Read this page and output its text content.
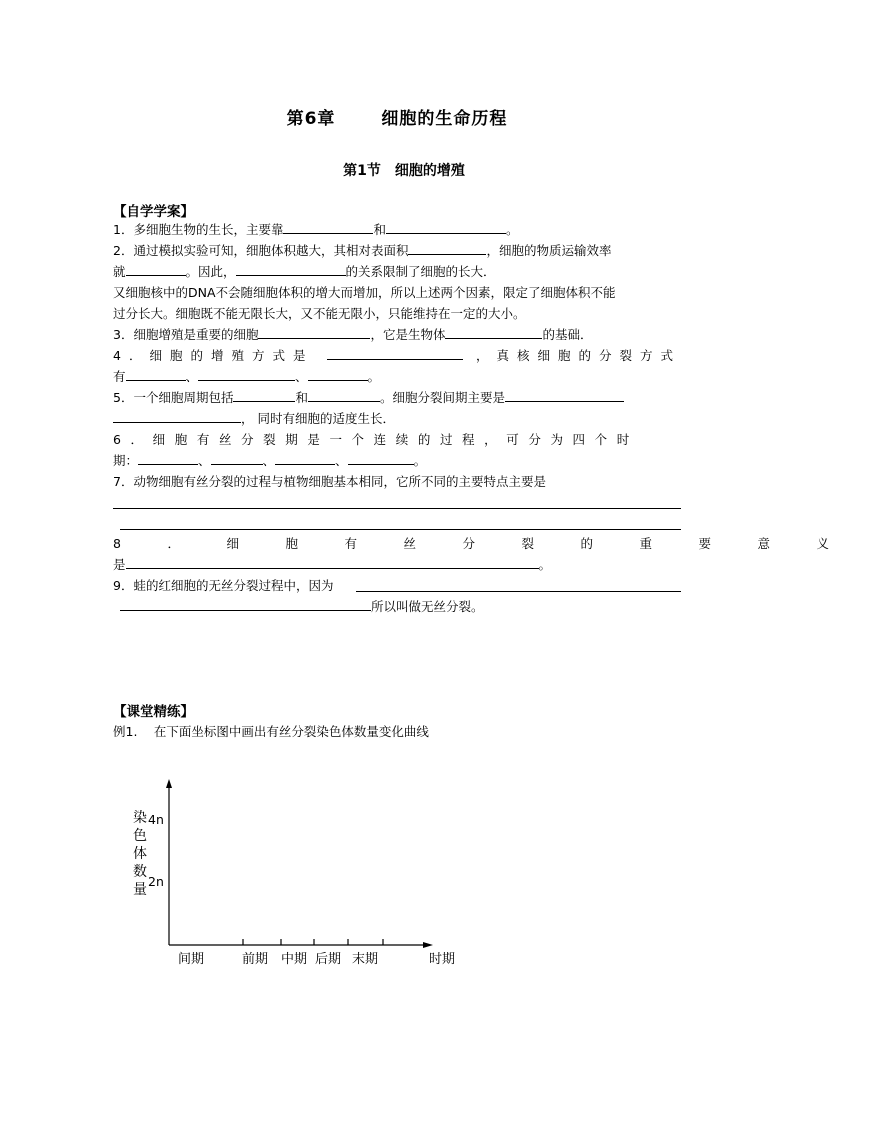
第6章	细胞的生命历程
第1节　细胞的增殖
【自学学案】
1．多细胞生物的生长，主要靠	和	。
2．通过模拟实验可知，细胞体积越大，其相对表面积	，细胞的物质运输效率
就	。因此，	的关系限制了细胞的长大．
又细胞核中的DNA不会随细胞体积的增大而增加，所以上述两个因素，限定了细胞体积不能
过分长大。细胞既不能无限长大，又不能无限小，只能维持在一定的大小。
3．细胞增殖是重要的细胞	，它是生物体	的基础．
4．细胞的增殖方式是	，真核细胞的分裂方式
有	、	、	。
5．一个细胞周期包括	和	。细胞分裂间期主要是
， 同时有细胞的适度生长．
6．细胞有丝分裂期是一个连续的过程，可分为四个时
期：	、	、	、	。
7．动物细胞有丝分裂的过程与植物细胞基本相同，它所不同的主要特点主要是
8．细胞有丝分裂的重要意义
是	。
9．蛙的红细胞的无丝分裂过程中，因为
所以叫做无丝分裂。
【课堂精练】
例1.　 在下面坐标图中画出有丝分裂染色体数量变化曲线
染
色
体
数
量
4n
2n
间期	前期 中期 后期 末期	时期
